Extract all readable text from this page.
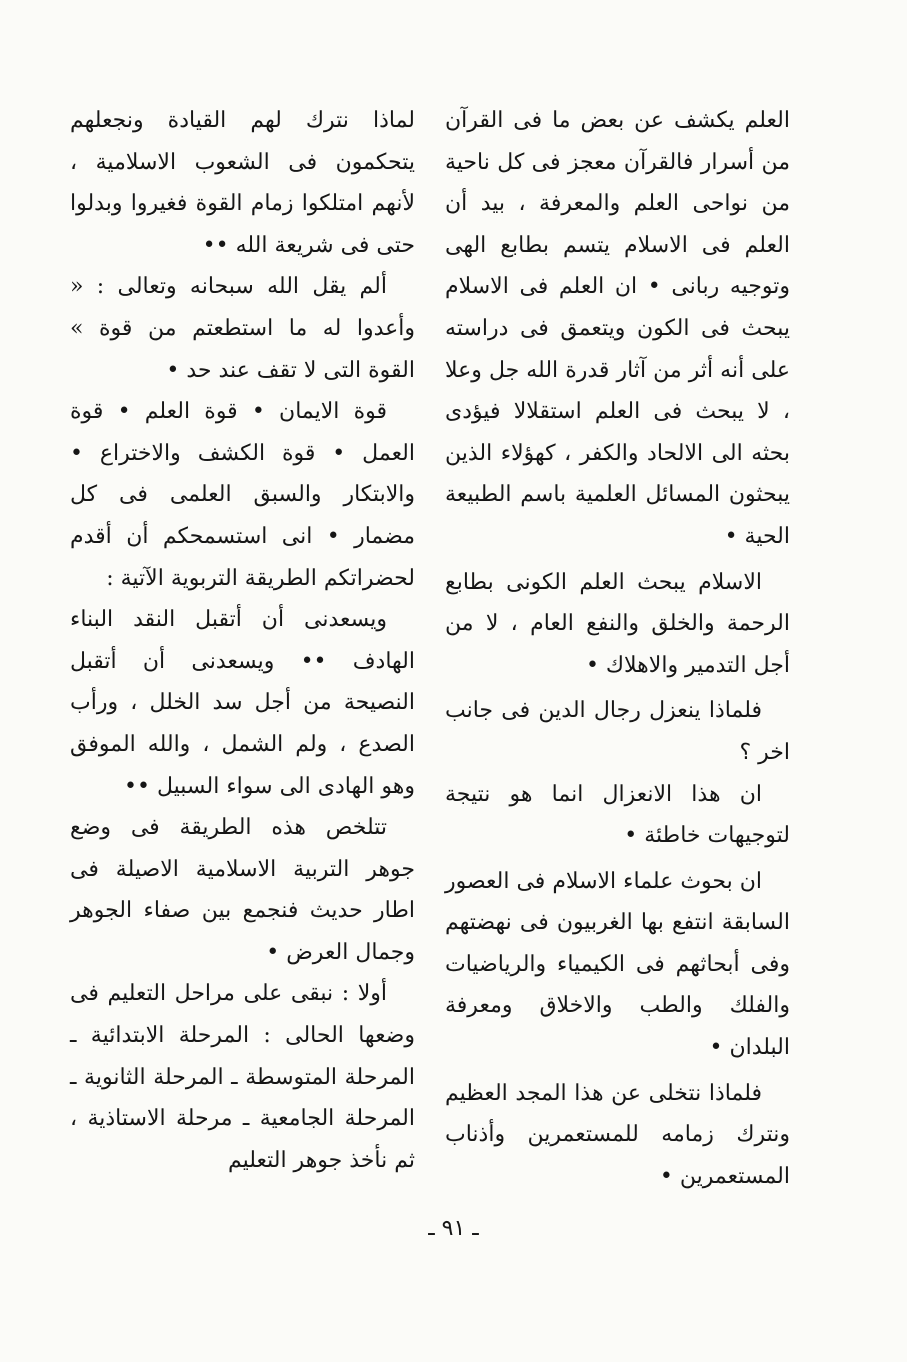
العلم يكشف عن بعض ما فى القرآن من أسرار فالقرآن معجز فى كل ناحية من نواحى العلم والمعرفة ، بيد أن العلم فى الاسلام يتسم بطابع الهى وتوجيه ربانى • ان العلم فى الاسلام يبحث فى الكون ويتعمق فى دراسته على أنه أثر من آثار قدرة الله جل وعلا ، لا يبحث فى العلم استقلالا فيؤدى بحثه الى الالحاد والكفر ، كهؤلاء الذين يبحثون المسائل العلمية باسم الطبيعة الحية •

الاسلام يبحث العلم الكونى بطابع الرحمة والخلق والنفع العام ، لا من أجل التدمير والاهلاك •

فلماذا ينعزل رجال الدين فى جانب اخر ؟

ان هذا الانعزال انما هو نتيجة لتوجيهات خاطئة •

ان بحوث علماء الاسلام فى العصور السابقة انتفع بها الغربيون فى نهضتهم وفى أبحاثهم فى الكيمياء والرياضيات والفلك والطب والاخلاق ومعرفة البلدان •

فلماذا نتخلى عن هذا المجد العظيم ونترك زمامه للمستعمرين وأذناب المستعمرين •

لماذا نترك لهم القيادة ونجعلهم يتحكمون فى الشعوب الاسلامية ، لأنهم امتلكوا زمام القوة فغيروا وبدلوا حتى فى شريعة الله ••

ألم يقل الله سبحانه وتعالى : « وأعدوا له ما استطعتم من قوة » القوة التى لا تقف عند حد •

قوة الايمان • قوة العلم • قوة العمل • قوة الكشف والاختراع • والابتكار والسبق العلمى فى كل مضمار • انى استسمحكم أن أقدم لحضراتكم الطريقة التربوية الآتية :

ويسعدنى أن أتقبل النقد البناء الهادف •• ويسعدنى أن أتقبل النصيحة من أجل سد الخلل ، ورأب الصدع ، ولم الشمل ، والله الموفق وهو الهادى الى سواء السبيل ••

تتلخص هذه الطريقة فى وضع جوهر التربية الاسلامية الاصيلة فى اطار حديث فنجمع بين صفاء الجوهر وجمال العرض •

أولا : نبقى على مراحل التعليم فى وضعها الحالى : المرحلة الابتدائية ـ المرحلة المتوسطة ـ المرحلة الثانوية ـ المرحلة الجامعية ـ مرحلة الاستاذية ، ثم نأخذ جوهر التعليم

ـ ٩١ ـ
